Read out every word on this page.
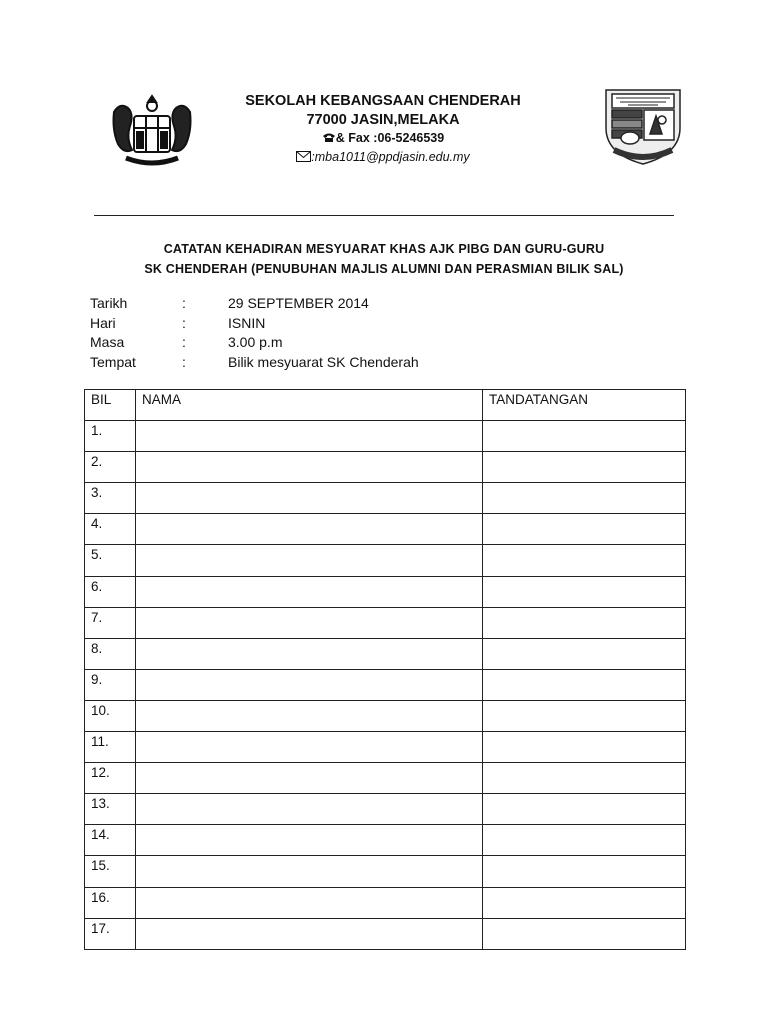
SEKOLAH KEBANGSAAN CHENDERAH
77000 JASIN,MELAKA
& Fax :06-5246539
:mba1011@ppdjasin.edu.my
CATATAN KEHADIRAN MESYUARAT KHAS AJK PIBG DAN GURU-GURU
SK CHENDERAH (PENUBUHAN MAJLIS ALUMNI DAN PERASMIAN BILIK SAL)
Tarikh	:	29 SEPTEMBER 2014
Hari	:	ISNIN
Masa	:	3.00 p.m
Tempat	:	Bilik mesyuarat SK Chenderah
BIL	NAMA	TANDATANGAN
1.		
2.		
3.		
4.		
5.		
6.		
7.		
8.		
9.		
10.		
11.		
12.		
13.		
14.		
15.		
16.		
17.		
